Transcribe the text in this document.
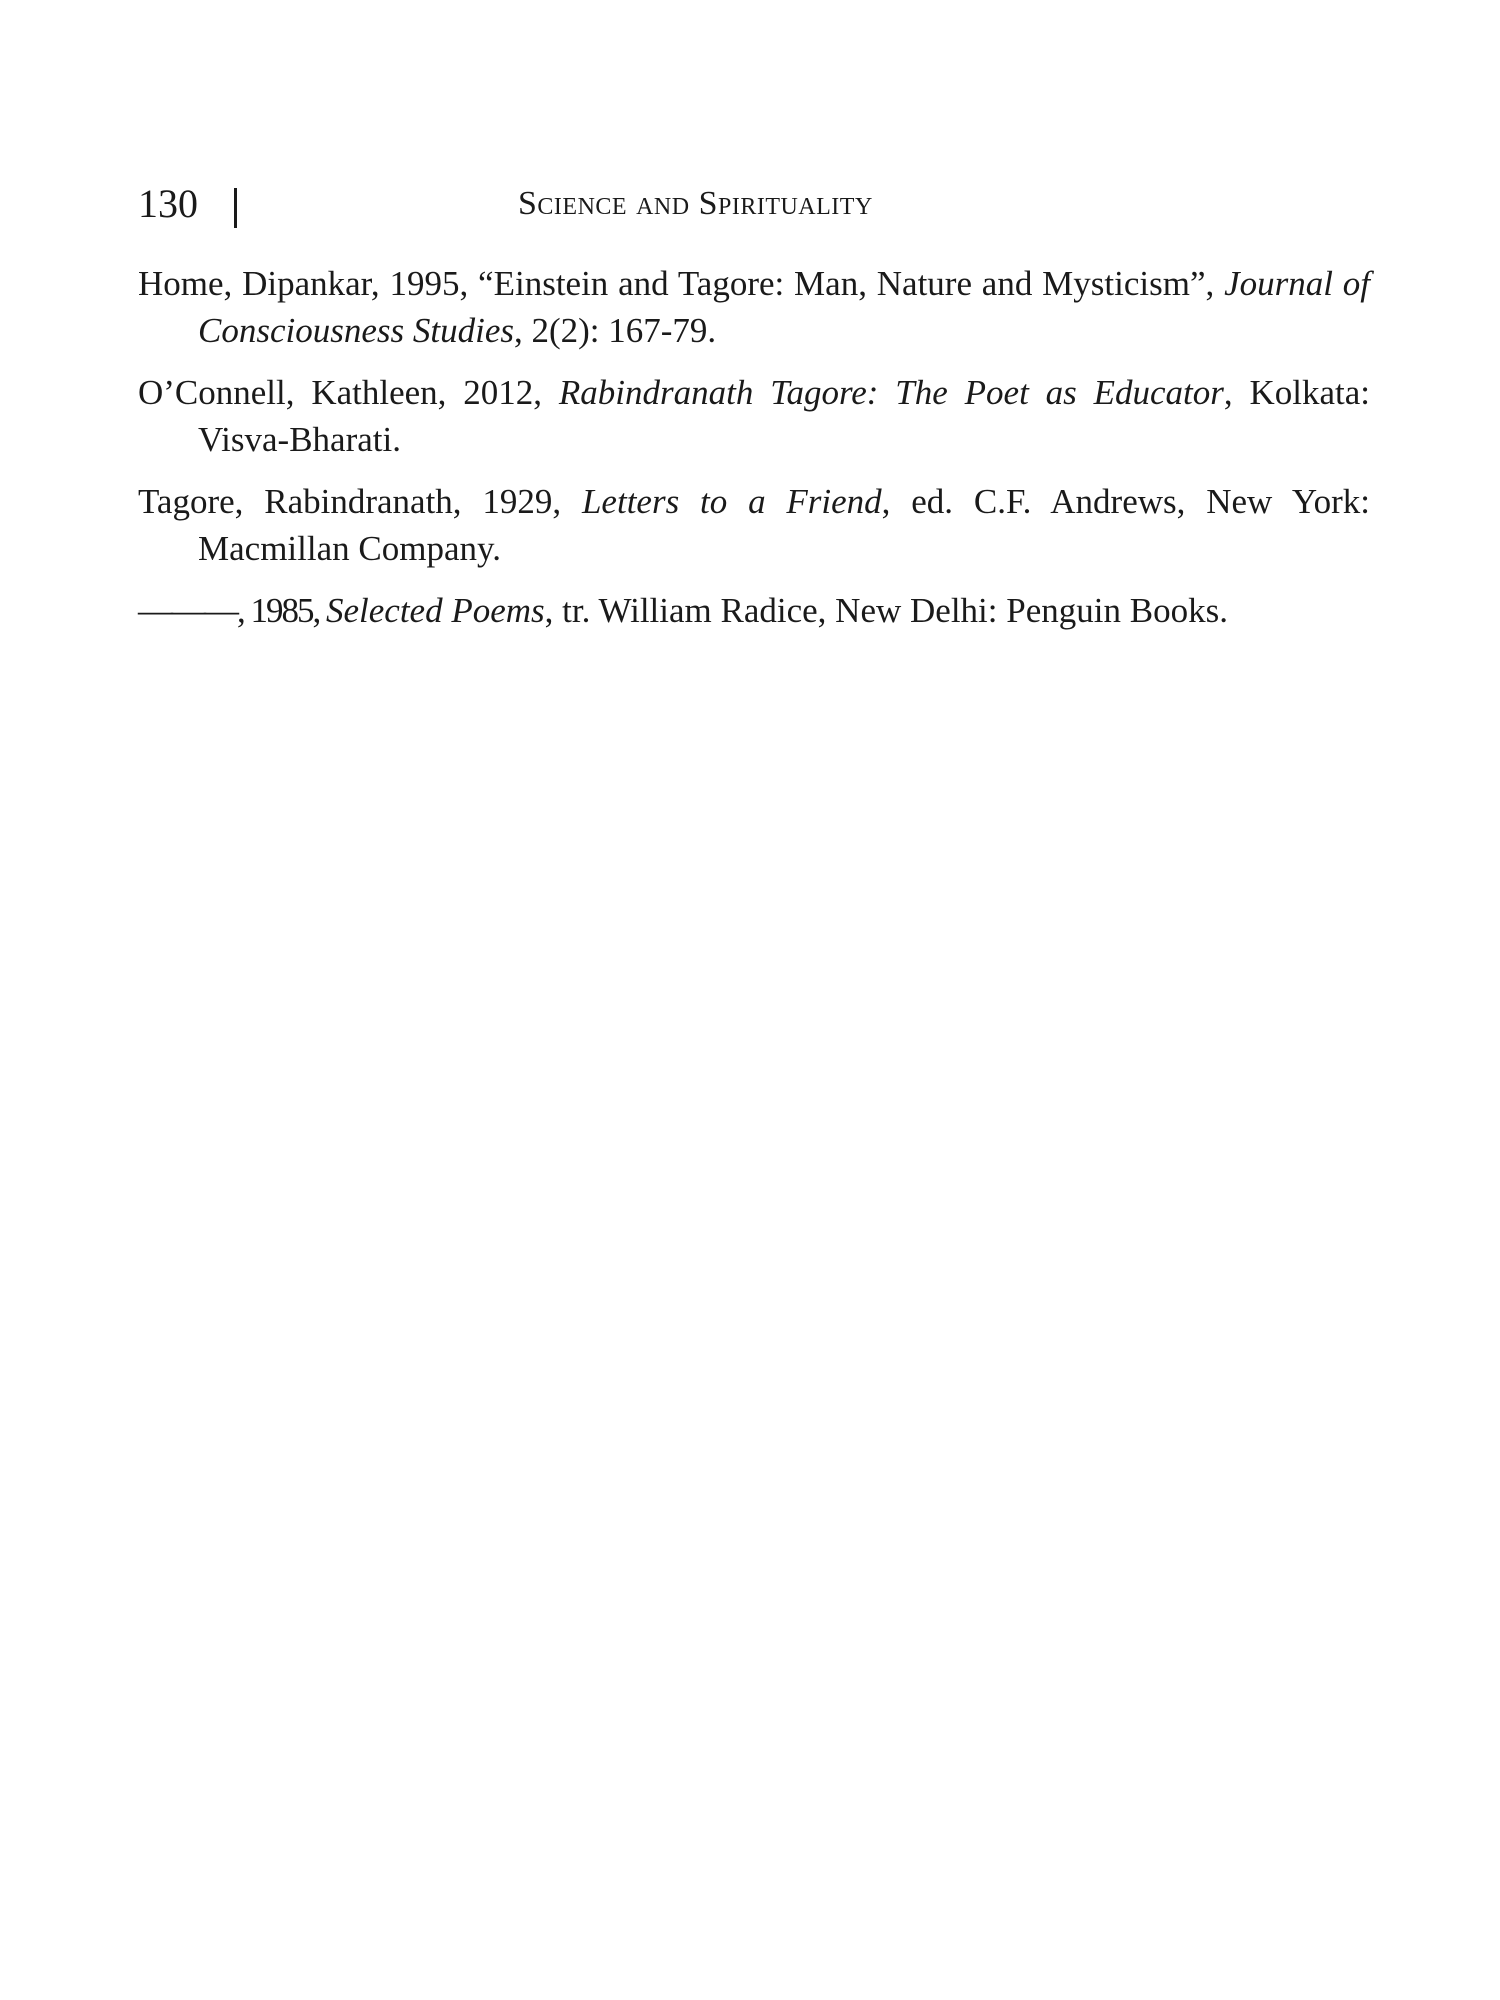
130	Science and Spirituality

Home, Dipankar, 1995, “Einstein and Tagore: Man, Nature and Mysticism”, Journal of Consciousness Studies, 2(2): 167-79.

O’Connell, Kathleen, 2012, Rabindranath Tagore: The Poet as Educator, Kolkata: Visva-Bharati.

Tagore, Rabindranath, 1929, Letters to a Friend, ed. C.F. Andrews, New York: Macmillan Company.

———, 1985, Selected Poems, tr. William Radice, New Delhi: Penguin Books.
